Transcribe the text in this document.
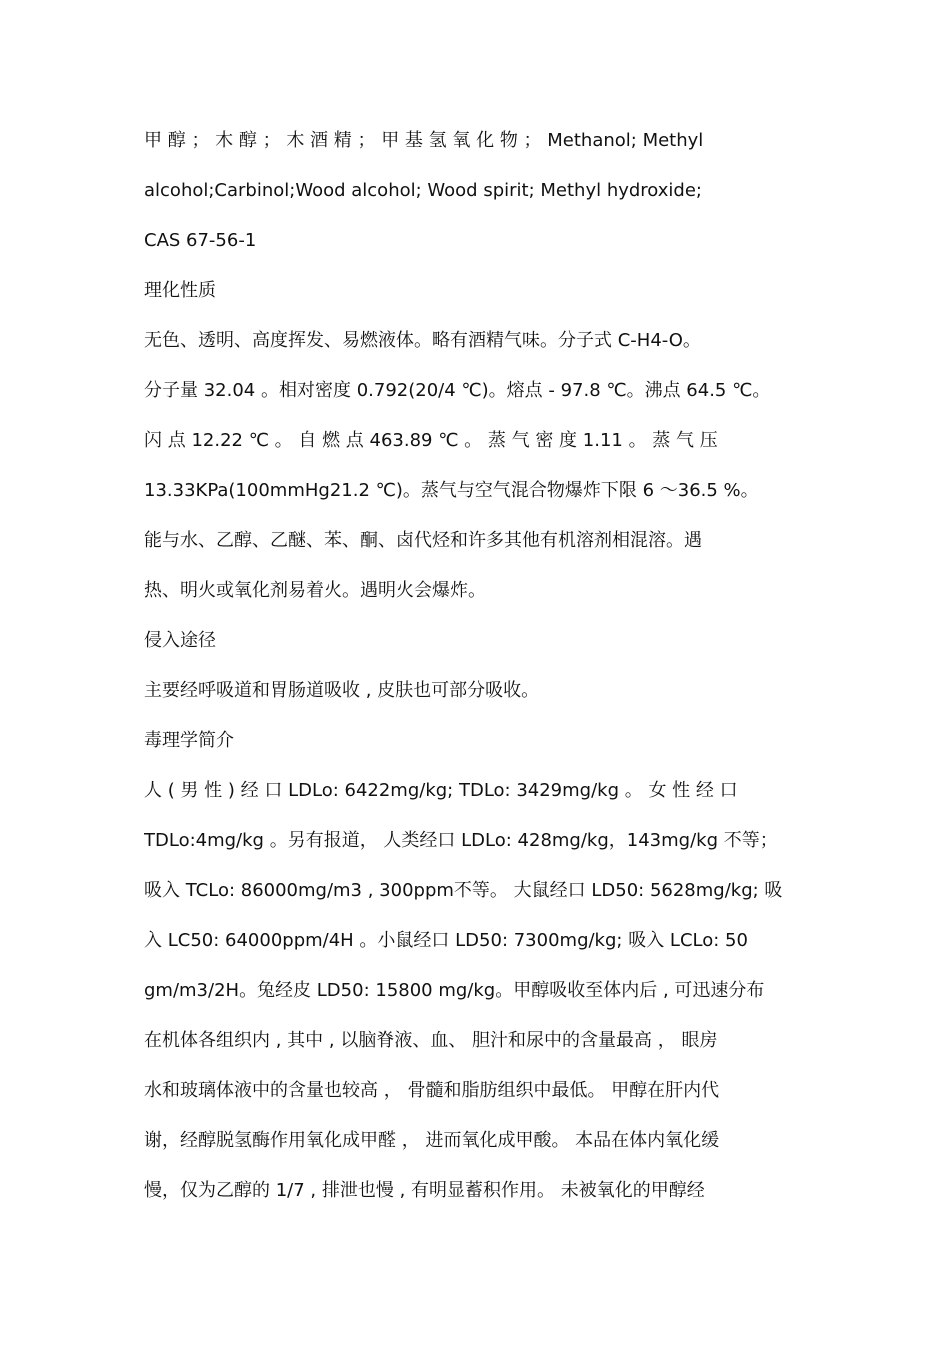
甲 醇 ； 木 醇 ； 木 酒 精 ； 甲 基 氢 氧 化 物 ； Methanol; Methyl
alcohol;Carbinol;Wood alcohol; Wood spirit; Methyl hydroxide;
CAS 67-56-1
理化性质
无色、透明、高度挥发、易燃液体。略有酒精气味。分子式 C-H4-O。
分子量 32.04 。相对密度 0.792(20/4 ℃)。熔点 - 97.8 ℃。沸点 64.5 ℃。
闪 点 12.22 ℃ 。 自 燃 点 463.89 ℃ 。 蒸 气 密 度 1.11 。 蒸 气 压
13.33KPa(100mmHg21.2 ℃)。蒸气与空气混合物爆炸下限 6 ～36.5 %。
能与水、乙醇、乙醚、苯、酮、卤代烃和许多其他有机溶剂相混溶。遇
热、明火或氧化剂易着火。遇明火会爆炸。
侵入途径
主要经呼吸道和胃肠道吸收 , 皮肤也可部分吸收。
毒理学简介
人 ( 男 性 ) 经 口 LDLo: 6422mg/kg; TDLo: 3429mg/kg 。 女 性 经 口
TDLo:4mg/kg 。另有报道， 人类经口 LDLo: 428mg/kg，143mg/kg 不等；
吸入 TCLo: 86000mg/m3 , 300ppm不等。 大鼠经口 LD50: 5628mg/kg; 吸
入 LC50: 64000ppm/4H 。小鼠经口 LD50: 7300mg/kg; 吸入 LCLo: 50
gm/m3/2H。兔经皮 LD50: 15800 mg/kg。甲醇吸收至体内后 , 可迅速分布
在机体各组织内 , 其中 , 以脑脊液、血、 胆汁和尿中的含量最高 ， 眼房
水和玻璃体液中的含量也较高 ， 骨髓和脂肪组织中最低。 甲醇在肝内代
谢，经醇脱氢酶作用氧化成甲醛 ， 进而氧化成甲酸。 本品在体内氧化缓
慢，仅为乙醇的 1/7 , 排泄也慢 , 有明显蓄积作用。 未被氧化的甲醇经
